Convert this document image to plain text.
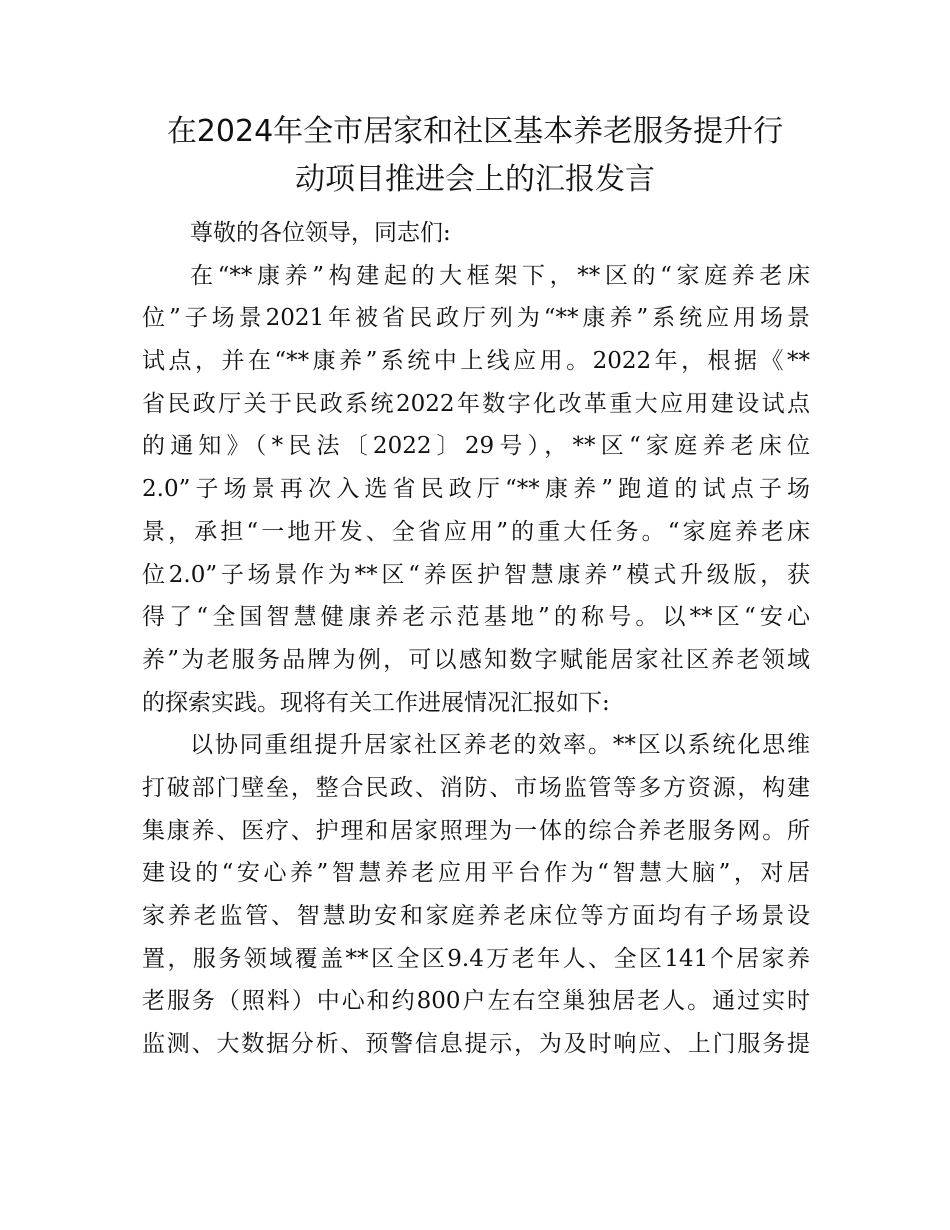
在2024年全市居家和社区基本养老服务提升行
动项目推进会上的汇报发言
尊敬的各位领导，同志们:
在“**康养”构建起的大框架下，**区的“家庭养老床
位”子场景2021年被省民政厅列为“**康养”系统应用场景
试点，并在“**康养”系统中上线应用。2022年，根据《**
省民政厅关于民政系统2022年数字化改革重大应用建设试点
的通知》（*民法〔2022〕29号），**区“家庭养老床位
2.0”子场景再次入选省民政厅“**康养”跑道的试点子场
景，承担“一地开发、全省应用”的重大任务。“家庭养老床
位2.0”子场景作为**区“养医护智慧康养”模式升级版，获
得了“全国智慧健康养老示范基地”的称号。以**区“安心
养”为老服务品牌为例，可以感知数字赋能居家社区养老领域
的探索实践。现将有关工作进展情况汇报如下:
以协同重组提升居家社区养老的效率。**区以系统化思维
打破部门壁垒，整合民政、消防、市场监管等多方资源，构建
集康养、医疗、护理和居家照理为一体的综合养老服务网。所
建设的“安心养”智慧养老应用平台作为“智慧大脑”，对居
家养老监管、智慧助安和家庭养老床位等方面均有子场景设
置，服务领域覆盖**区全区9.4万老年人、全区141个居家养
老服务（照料）中心和约800户左右空巢独居老人。通过实时
监测、大数据分析、预警信息提示，为及时响应、上门服务提
